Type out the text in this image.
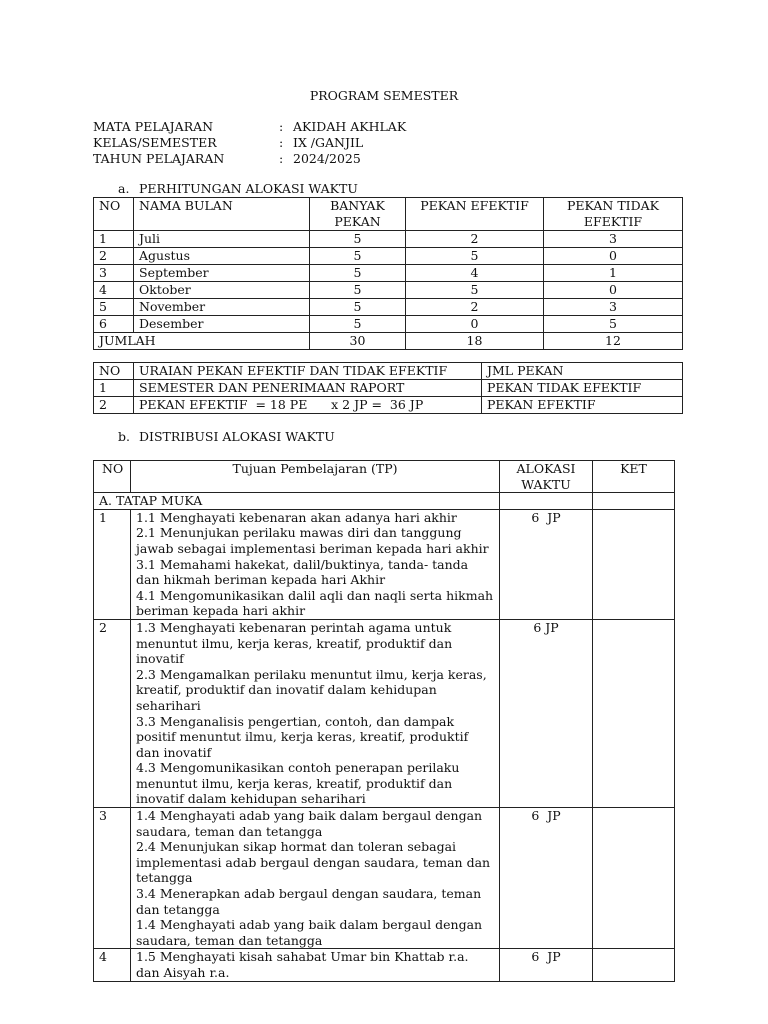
PROGRAM SEMESTER
MATA PELAJARAN	: AKIDAH AKHLAK
KELAS/SEMESTER	: IX /GANJIL
TAHUN PELAJARAN	: 2024/2025
a. PERHITUNGAN ALOKASI WAKTU
NO	NAMA BULAN	BANYAK PEKAN	PEKAN EFEKTIF	PEKAN TIDAK EFEKTIF
1	Juli	5	2	3
2	Agustus	5	5	0
3	September	5	4	1
4	Oktober	5	5	0
5	November	5	2	3
6	Desember	5	0	5
JUMLAH		30	18	12
NO	URAIAN PEKAN EFEKTIF DAN TIDAK EFEKTIF	JML PEKAN
1	SEMESTER DAN PENERIMAAN RAPORT	PEKAN TIDAK EFEKTIF
2	PEKAN EFEKTIF  = 18 PE      x 2 JP =  36 JP	PEKAN EFEKTIF
b. DISTRIBUSI ALOKASI WAKTU
NO	Tujuan Pembelajaran (TP)	ALOKASI WAKTU	KET
A. TATAP MUKA			
1	1.1 Menghayati kebenaran akan adanya hari akhir
2.1 Menunjukan perilaku mawas diri dan tanggung jawab sebagai implementasi beriman kepada hari akhir
3.1 Memahami hakekat, dalil/buktinya, tanda- tanda dan hikmah beriman kepada hari Akhir
4.1 Mengomunikasikan dalil aqli dan naqli serta hikmah beriman kepada hari akhir	6  JP	
2	1.3 Menghayati kebenaran perintah agama untuk menuntut ilmu, kerja keras, kreatif, produktif dan inovatif
2.3 Mengamalkan perilaku menuntut ilmu, kerja keras, kreatif, produktif dan inovatif dalam kehidupan seharihari
3.3 Menganalisis pengertian, contoh, dan dampak positif menuntut ilmu, kerja keras, kreatif, produktif dan inovatif
4.3 Mengomunikasikan contoh penerapan perilaku menuntut ilmu, kerja keras, kreatif, produktif dan inovatif dalam kehidupan seharihari	6 JP	
3	1.4 Menghayati adab yang baik dalam bergaul dengan saudara, teman dan tetangga
2.4 Menunjukan sikap hormat dan toleran sebagai implementasi adab bergaul dengan saudara, teman dan tetangga
3.4 Menerapkan adab bergaul dengan saudara, teman dan tetangga
1.4 Menghayati adab yang baik dalam bergaul dengan saudara, teman dan tetangga	6  JP	
4	1.5 Menghayati kisah sahabat Umar bin Khattab r.a. dan Aisyah r.a.	6  JP	
